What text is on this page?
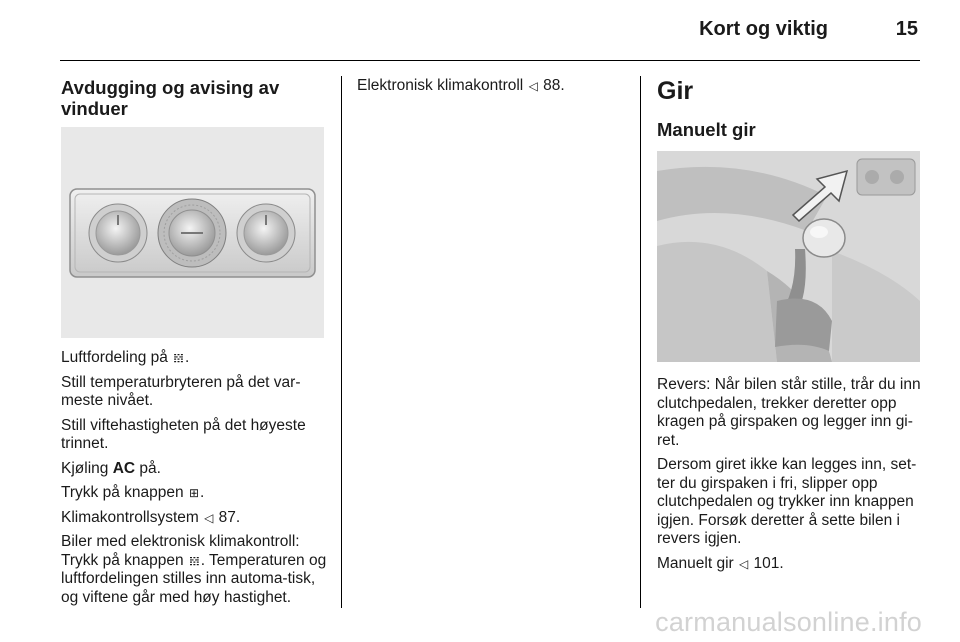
Kort og viktig	15
Avdugging og avising av vinduer

Luftfordeling på 𝍍.

Still temperaturbryteren på det var-meste nivået.

Still viftehastigheten på det høyeste trinnet.

Kjøling AC på.

Trykk på knappen ⊞.

Klimakontrollsystem ◁ 87.

Biler med elektronisk klimakontroll: Trykk på knappen 𝍍. Temperaturen og luftfordelingen stilles inn automa-tisk, og viftene går med høy hastighet.

Elektronisk klimakontroll ◁ 88.	Gir
Manuelt gir

Revers: Når bilen står stille, trår du inn clutchpedalen, trekker deretter opp kragen på girspaken og legger inn gi-ret.

Dersom giret ikke kan legges inn, set-ter du girspaken i fri, slipper opp clutchpedalen og trykker inn knappen igjen. Forsøk deretter å sette bilen i revers igjen.

Manuelt gir ◁ 101.

carmanualsonline.info
